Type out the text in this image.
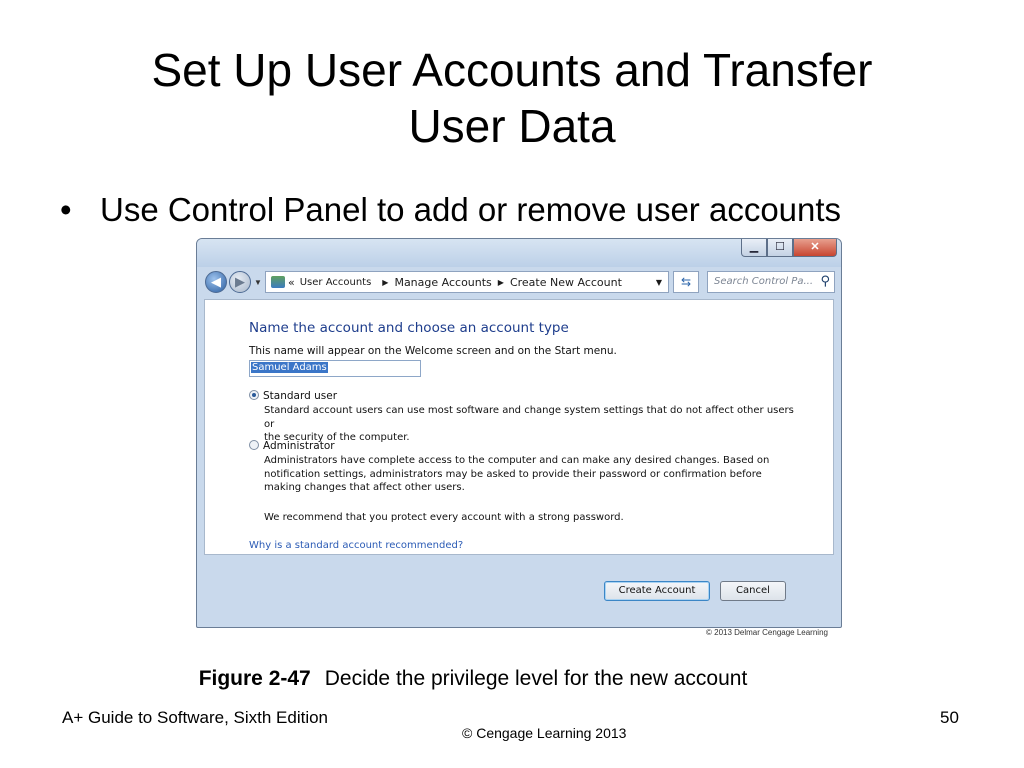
Set Up User Accounts and Transfer
User Data
• Use Control Panel to add or remove user accounts
▁	☐	✕
◀	▶	▼ « User Accounts ▶ Manage Accounts ▶ Create New Account	▼	⇆	Search Control Pa... ⚲
Name the account and choose an account type
This name will appear on the Welcome screen and on the Start menu.
Samuel Adams
Standard user
Standard account users can use most software and change system settings that do not affect other users or
the security of the computer.
Administrator
Administrators have complete access to the computer and can make any desired changes. Based on
notification settings, administrators may be asked to provide their password or confirmation before
making changes that affect other users.
We recommend that you protect every account with a strong password.
Why is a standard account recommended?
Create Account	Cancel
© 2013 Delmar Cengage Learning
Figure 2-47 Decide the privilege level for the new account
A+ Guide to Software, Sixth Edition
© Cengage Learning 2013
50
